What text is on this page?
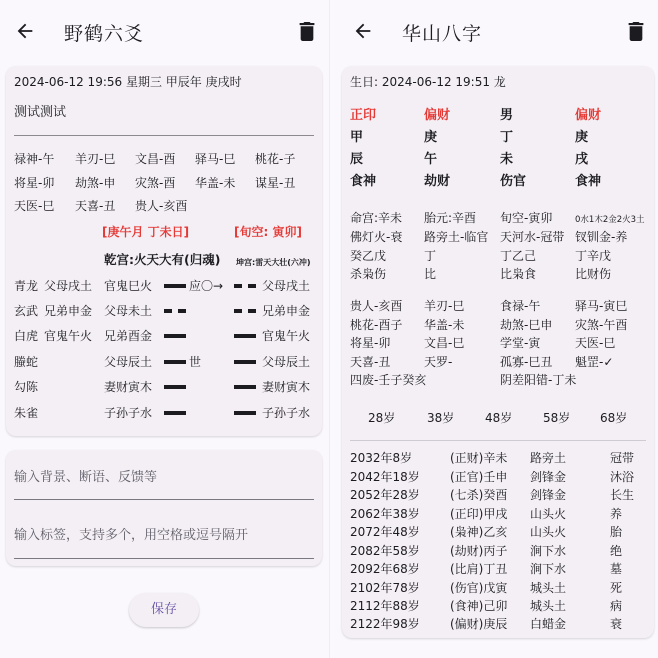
野鹤六爻
2024-06-12 19:56 星期三 甲辰年 庚戌时
测试测试
禄神-午 羊刃-巳 文昌-酉 驿马-巳 桃花-子
将星-卯 劫煞-申 灾煞-酉 华盖-未 谋星-丑
天医-巳 天喜-丑 贵人-亥酉
[庚午月 丁未日]	[旬空: 寅卯]
乾宫:火天大有(归魂) 坤宫:雷天大壮(六冲)
青龙 父母戌土 官鬼巳火	应〇→	父母戌土
玄武 兄弟申金 父母未土	兄弟申金
白虎 官鬼午火 兄弟酉金	官鬼午火
螣蛇	父母辰土	世	父母辰土
勾陈	妻财寅木	妻财寅木
朱雀	子孙子水	子孙子水
输入背景、断语、反馈等
输入标签，支持多个，用空格或逗号隔开
保存
华山八字
生日: 2024-06-12 19:51 龙
正印	偏财	男	偏财
甲	庚	丁	庚
辰	午	未	戌
食神	劫财	伤官	食神
命宫:辛未 胎元:辛酉 旬空-寅卯	0水1木2金2火3土
佛灯火-衰 路旁土-临官 天河水-冠带 钗钏金-养
癸乙戊	丁	丁乙己	丁辛戊
杀枭伤	比	比枭食	比财伤
贵人-亥酉 羊刃-巳	食禄-午	驿马-寅巳
桃花-酉子 华盖-未	劫煞-巳申 灾煞-午酉
将星-卯	文昌-巳	学堂-寅	天医-巳
天喜-丑	天罗-	孤寡-巳丑 魁罡-✓
四废-壬子癸亥	阴差阳错-丁未
28岁	38岁	48岁	58岁 68岁
2032年8岁	(正财)辛未 路旁土	冠带
2042年18岁	(正官)壬申 剑锋金	沐浴
2052年28岁	(七杀)癸酉 剑锋金	长生
2062年38岁	(正印)甲戌 山头火	养
2072年48岁	(枭神)乙亥 山头火	胎
2082年58岁	(劫财)丙子 涧下水	绝
2092年68岁	(比肩)丁丑 涧下水	墓
2102年78岁	(伤官)戊寅 城头土	死
2112年88岁	(食神)己卯 城头土	病
2122年98岁	(偏财)庚辰 白蜡金	衰
